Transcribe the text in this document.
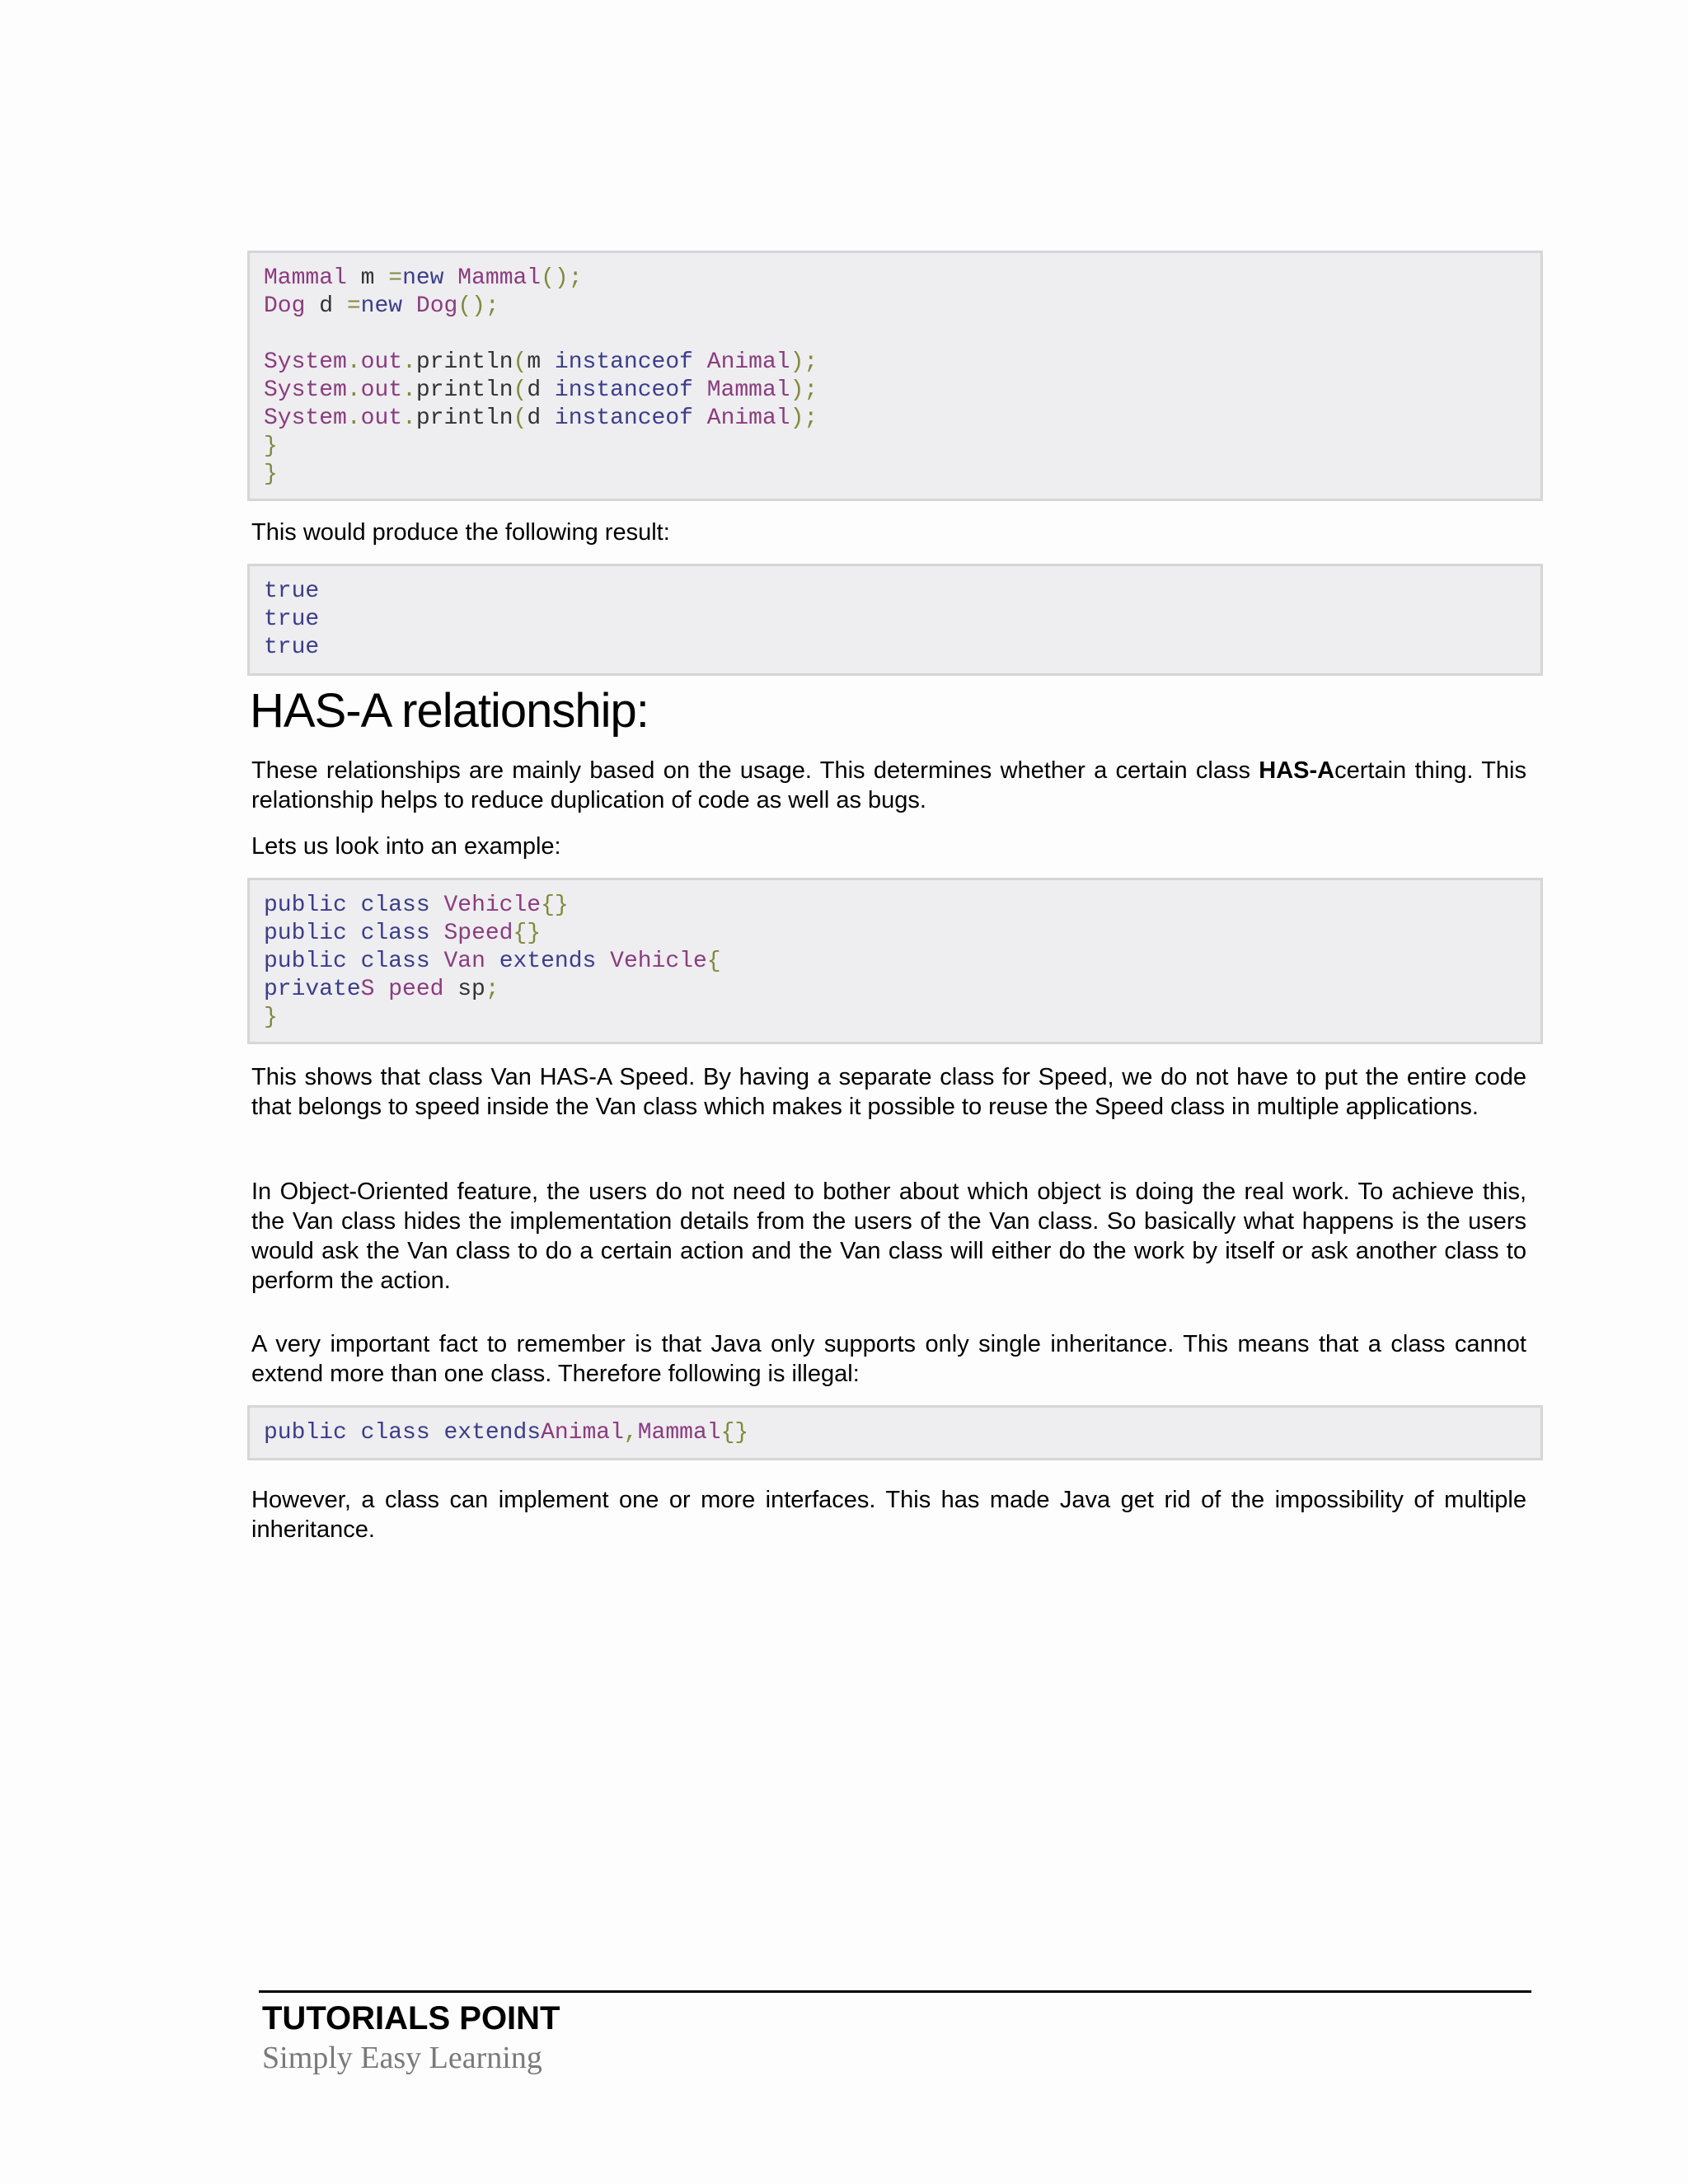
Mammal m =new Mammal();
Dog d =new Dog();
System.out.println(m instanceof Animal);
System.out.println(d instanceof Mammal);
System.out.println(d instanceof Animal);
}
}
This would produce the following result:
true
true
true
HAS-A relationship:
These relationships are mainly based on the usage. This determines whether a certain class HAS-Acertain thing. This relationship helps to reduce duplication of code as well as bugs.
Lets us look into an example:
public class Vehicle{}
public class Speed{}
public class Van extends Vehicle{
privateS peed sp;
}
This shows that class Van HAS-A Speed. By having a separate class for Speed, we do not have to put the entire code that belongs to speed inside the Van class which makes it possible to reuse the Speed class in multiple applications.
In Object-Oriented feature, the users do not need to bother about which object is doing the real work. To achieve this, the Van class hides the implementation details from the users of the Van class. So basically what happens is the users would ask the Van class to do a certain action and the Van class will either do the work by itself or ask another class to perform the action.
A very important fact to remember is that Java only supports only single inheritance. This means that a class cannot extend more than one class. Therefore following is illegal:
public class extendsAnimal,Mammal{}
However, a class can implement one or more interfaces. This has made Java get rid of the impossibility of multiple inheritance.
TUTORIALS POINT
Simply Easy Learning
